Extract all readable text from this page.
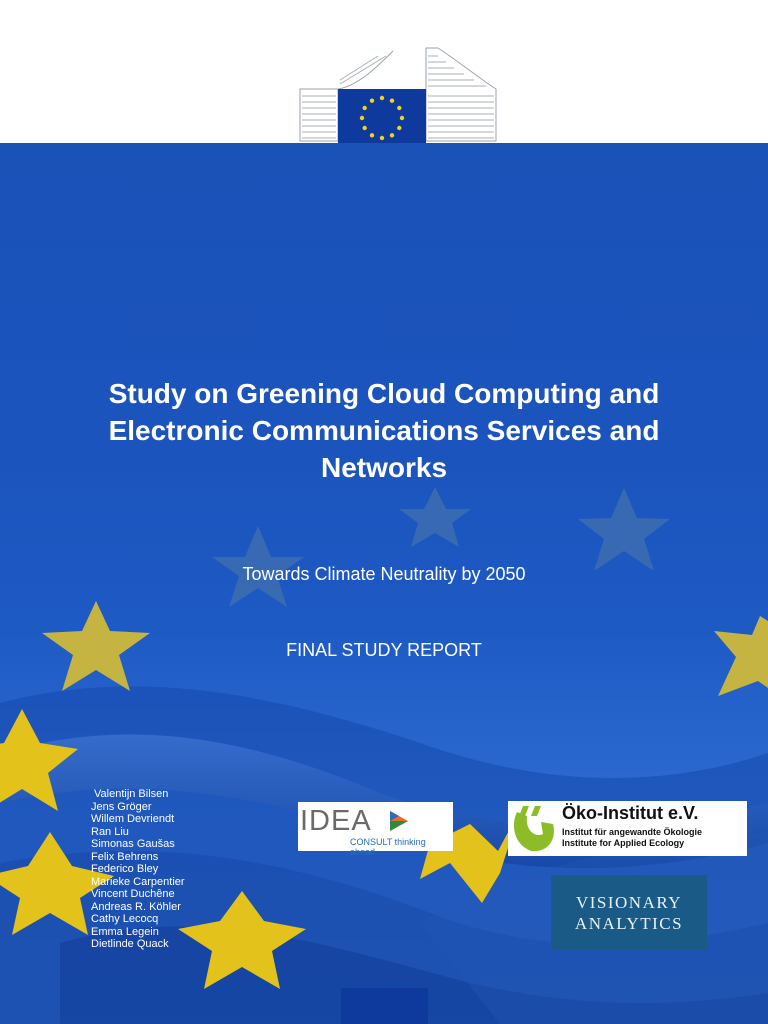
Study on Greening Cloud Computing and Electronic Communications Services and Networks
Towards Climate Neutrality by 2050
FINAL STUDY REPORT
Valentijn Bilsen
Jens Gröger
Willem Devriendt
Ran Liu
Simonas Gaušas
Felix Behrens
Federico Bley
Marieke Carpentier
Vincent Duchêne
Andreas R. Köhler
Cathy Lecocq
Emma Legein
Dietlinde Quack
IDEA
CONSULT thinking ahead
Öko-Institut e.V.
Institut für angewandte Ökologie
Institute for Applied Ecology
VISIONARY
ANALYTICS
